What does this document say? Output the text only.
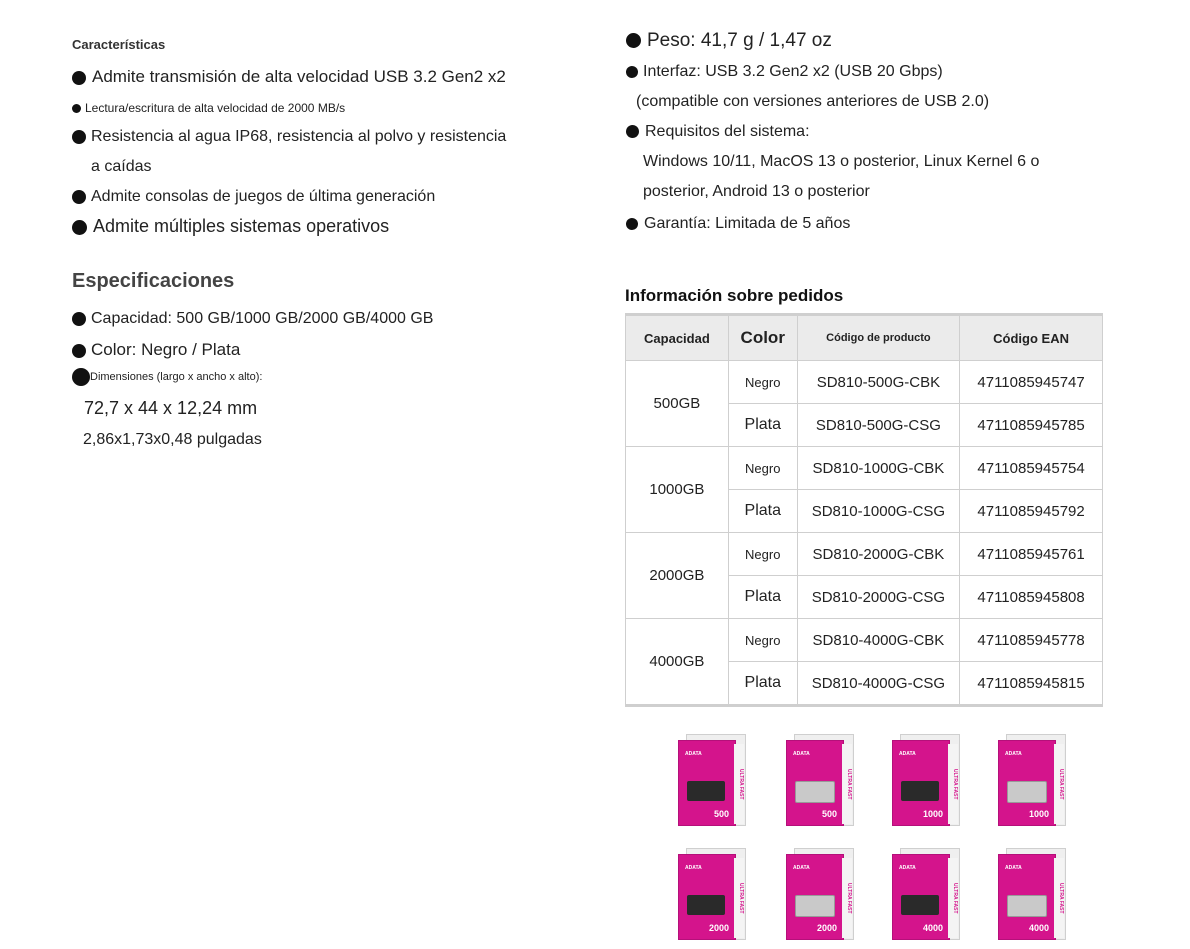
Características
Admite transmisión de alta velocidad USB 3.2 Gen2 x2
Lectura/escritura de alta velocidad de 2000 MB/s
Resistencia al agua IP68, resistencia al polvo y resistencia
a caídas
Admite consolas de juegos de última generación
Admite múltiples sistemas operativos
Especificaciones
Capacidad: 500 GB/1000 GB/2000 GB/4000 GB
Color: Negro / Plata
Dimensiones (largo x ancho x alto):
72,7 x 44 x 12,24 mm
2,86x1,73x0,48 pulgadas
Peso: 41,7 g / 1,47 oz
Interfaz: USB 3.2 Gen2 x2 (USB 20 Gbps)
(compatible con versiones anteriores de USB 2.0)
Requisitos del sistema:
Windows 10/11, MacOS 13 o posterior, Linux Kernel 6 o
posterior, Android 13 o posterior
Garantía: Limitada de 5 años
Información sobre pedidos
Capacidad	Color	Código de producto	Código EAN
500GB	Negro	SD810-500G-CBK	4711085945747
	Plata	SD810-500G-CSG	4711085945785
1000GB	Negro	SD810-1000G-CBK	4711085945754
	Plata	SD810-1000G-CSG	4711085945792
2000GB	Negro	SD810-2000G-CBK	4711085945761
	Plata	SD810-2000G-CSG	4711085945808
4000GB	Negro	SD810-4000G-CBK	4711085945778
	Plata	SD810-4000G-CSG	4711085945815
ADATA
500
ULTRA FAST
ADATA
500
ULTRA FAST
ADATA
1000
ULTRA FAST
ADATA
1000
ULTRA FAST
ADATA
2000
ULTRA FAST
ADATA
2000
ULTRA FAST
ADATA
4000
ULTRA FAST
ADATA
4000
ULTRA FAST
